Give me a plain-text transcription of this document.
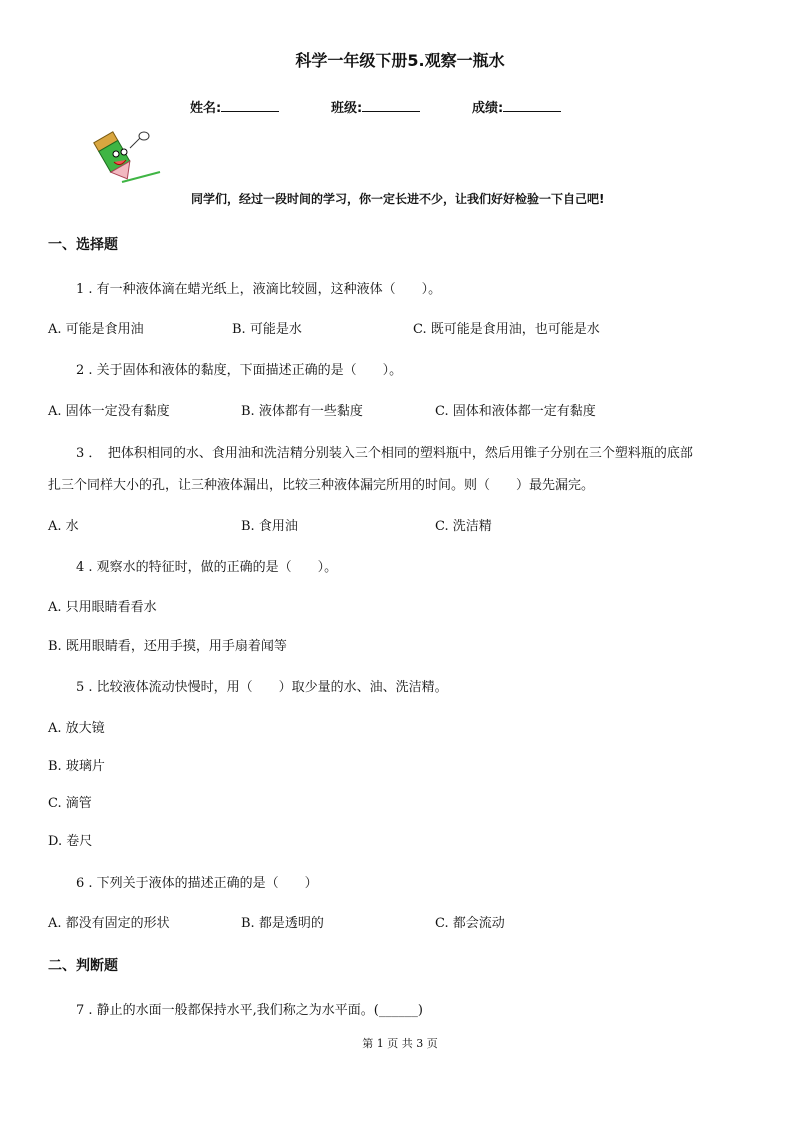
科学一年级下册5.观察一瓶水
姓名:	班级:	成绩:
同学们，经过一段时间的学习，你一定长进不少，让我们好好检验一下自己吧!
一、选择题
1 . 有一种液体滴在蜡光纸上，液滴比较圆，这种液体（　　）。
A. 可能是食用油	B. 可能是水	C. 既可能是食用油，也可能是水
2 . 关于固体和液体的黏度，下面描述正确的是（　　）。
A. 固体一定没有黏度	B. 液体都有一些黏度	C. 固体和液体都一定有黏度
3 ．　把体积相同的水、食用油和洗洁精分别装入三个相同的塑料瓶中，然后用锥子分别在三个塑料瓶的底部
扎三个同样大小的孔，让三种液体漏出，比较三种液体漏完所用的时间。则（　　）最先漏完。
A. 水	B. 食用油	C. 洗洁精
4 . 观察水的特征时，做的正确的是（　　）。
A. 只用眼睛看看水
B. 既用眼睛看，还用手摸，用手扇着闻等
5 . 比较液体流动快慢时，用（　　）取少量的水、油、洗洁精。
A. 放大镜
B. 玻璃片
C. 滴管
D. 卷尺
6 . 下列关于液体的描述正确的是（　　）
A. 都没有固定的形状	B. 都是透明的	C. 都会流动
二、判断题
7 . 静止的水面一般都保持水平,我们称之为水平面。(______)
第 1 页 共 3 页
